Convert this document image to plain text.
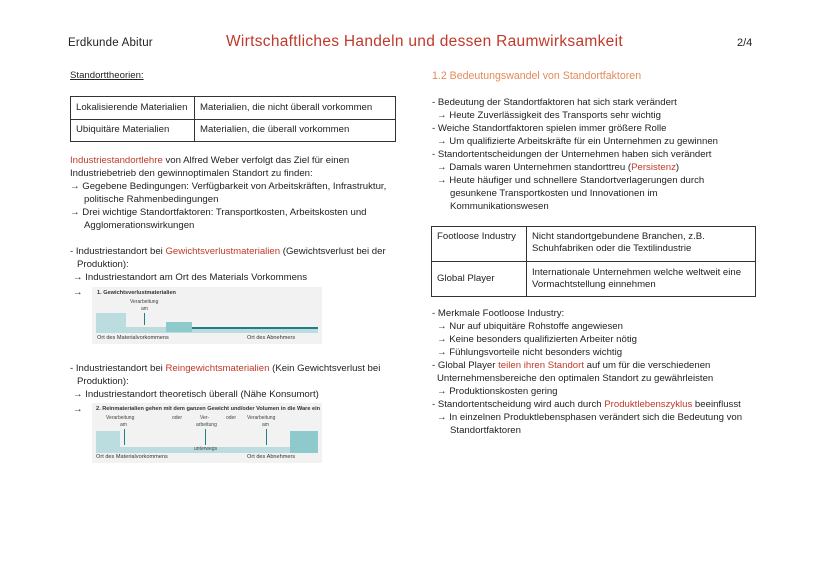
Erdkunde Abitur	Wirtschaftliches Handeln und dessen Raumwirksamkeit	2/4
Standorttheorien:
Lokalisierende Materialien	Materialien, die nicht überall vorkommen
Ubiquitäre Materialien	Materialien, die überall vorkommen
Industriestandortlehre von Alfred Weber verfolgt das Ziel für einen
Industriebetrieb den gewinnoptimalen Standort zu finden:
→ Gegebene Bedingungen: Verfügbarkeit von Arbeitskräften, Infrastruktur,
politische Rahmenbedingungen
→ Drei wichtige Standortfaktoren: Transportkosten, Arbeitskosten und
Agglomerationswirkungen
- Industriestandort bei Gewichtsverlustmaterialien (Gewichtsverlust bei der
Produktion):
→ Industriestandort am Ort des Materials Vorkommens
→	1. Gewichtsverlustmaterialien
Verarbeitung
am
Ort des Materialvorkommens	Ort des Abnehmers
- Industriestandort bei Reingewichtsmaterialien (Kein Gewichtsverlust bei
Produktion):
→ Industriestandort theoretisch überall (Nähe Konsumort)
→ 2. Reinmaterialien gehen mit dem ganzen Gewicht und/oder Volumen in die Ware ein
Verarbeitung
am
oder	Ver-
arbeitung
oder Verarbeitung
am
unterwegs
Ort des Materialvorkommens	Ort des Abnehmers
1.2 Bedeutungswandel von Standortfaktoren
- Bedeutung der Standortfaktoren hat sich stark verändert
→ Heute Zuverlässigkeit des Transports sehr wichtig
- Weiche Standortfaktoren spielen immer größere Rolle
→ Um qualifizierte Arbeitskräfte für ein Unternehmen zu gewinnen
- Standortentscheidungen der Unternehmen haben sich verändert
→ Damals waren Unternehmen standorttreu (Persistenz)
→ Heute häufiger und schnellere Standortverlagerungen durch
gesunkene Transportkosten und Innovationen im
Kommunikationswesen
Footloose Industry	Nicht standortgebundene Branchen, z.B.
Schuhfabriken oder die Textilindustrie

Global Player	Internationale Unternehmen welche weltweit eine
Vormachtstellung einnehmen
- Merkmale Footloose Industry:
→ Nur auf ubiquitäre Rohstoffe angewiesen
→ Keine besonders qualifizierten Arbeiter nötig
→ Fühlungsvorteile nicht besonders wichtig
- Global Player teilen ihren Standort auf um für die verschiedenen
Unternehmensbereiche den optimalen Standort zu gewährleisten
→ Produktionskosten gering
- Standortentscheidung wird auch durch Produktlebenszyklus beeinflusst
→ In einzelnen Produktlebensphasen verändert sich die Bedeutung von
Standortfaktoren
